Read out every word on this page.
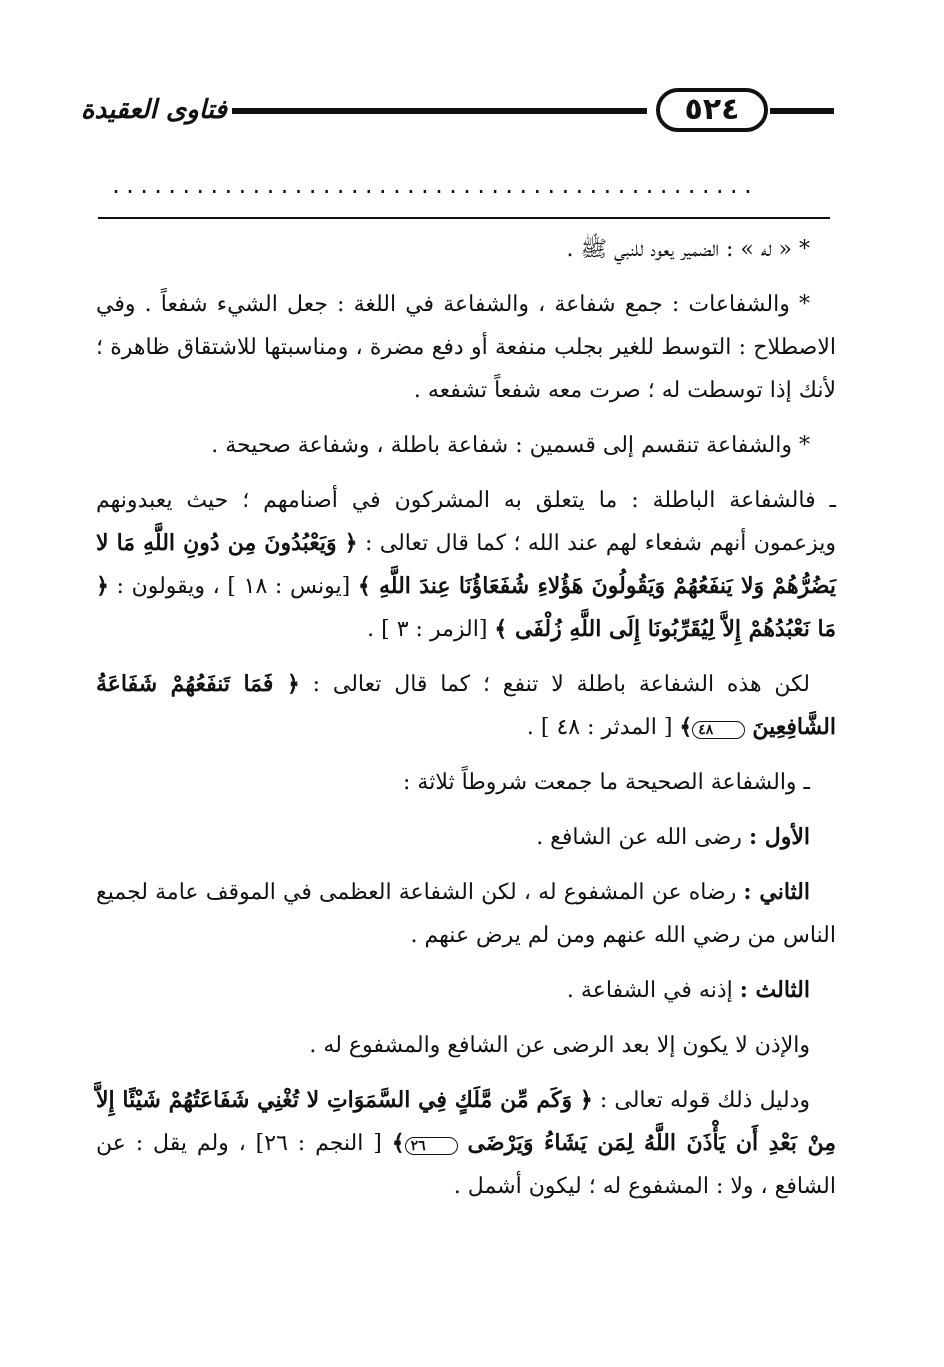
٥٢٤
فتاوى العقيدة
..............................................

* « له » : الضمير يعود للنبي ﷺ .

* والشفاعات : جمع شفاعة ، والشفاعة في اللغة : جعل الشيء شفعاً . وفي الاصطلاح : التوسط للغير بجلب منفعة أو دفع مضرة ، ومناسبتها للاشتقاق ظاهرة ؛ لأنك إذا توسطت له ؛ صرت معه شفعاً تشفعه .

* والشفاعة تنقسم إلى قسمين : شفاعة باطلة ، وشفاعة صحيحة .

ـ فالشفاعة الباطلة : ما يتعلق به المشركون في أصنامهم ؛ حيث يعبدونهم ويزعمون أنهم شفعاء لهم عند الله ؛ كما قال تعالى : ﴿ وَيَعْبُدُونَ مِن دُونِ اللَّهِ مَا لا يَضُرُّهُمْ وَلا يَنفَعُهُمْ وَيَقُولُونَ هَؤُلاءِ شُفَعَاؤُنَا عِندَ اللَّهِ ﴾ [يونس : ١٨ ] ، ويقولون : ﴿ مَا نَعْبُدُهُمْ إِلاَّ لِيُقَرِّبُونَا إِلَى اللَّهِ زُلْفَى ﴾ [الزمر : ٣ ] .

لكن هذه الشفاعة باطلة لا تنفع ؛ كما قال تعالى : ﴿ فَمَا تَنفَعُهُمْ شَفَاعَةُ الشَّافِعِينَ ٤٨﴾ [ المدثر : ٤٨ ] .

ـ والشفاعة الصحيحة ما جمعت شروطاً ثلاثة :

الأول : رضى الله عن الشافع .

الثاني : رضاه عن المشفوع له ، لكن الشفاعة العظمى في الموقف عامة لجميع الناس من رضي الله عنهم ومن لم يرض عنهم .

الثالث : إذنه في الشفاعة .

والإذن لا يكون إلا بعد الرضى عن الشافع والمشفوع له .

ودليل ذلك قوله تعالى : ﴿ وَكَم مِّن مَّلَكٍ فِي السَّمَوَاتِ لا تُغْنِي شَفَاعَتُهُمْ شَيْئًا إِلاَّ مِنْ بَعْدِ أَن يَأْذَنَ اللَّهُ لِمَن يَشَاءُ وَيَرْضَى ٢٦﴾ [ النجم : ٢٦] ، ولم يقل : عن الشافع ، ولا : المشفوع له ؛ ليكون أشمل .
